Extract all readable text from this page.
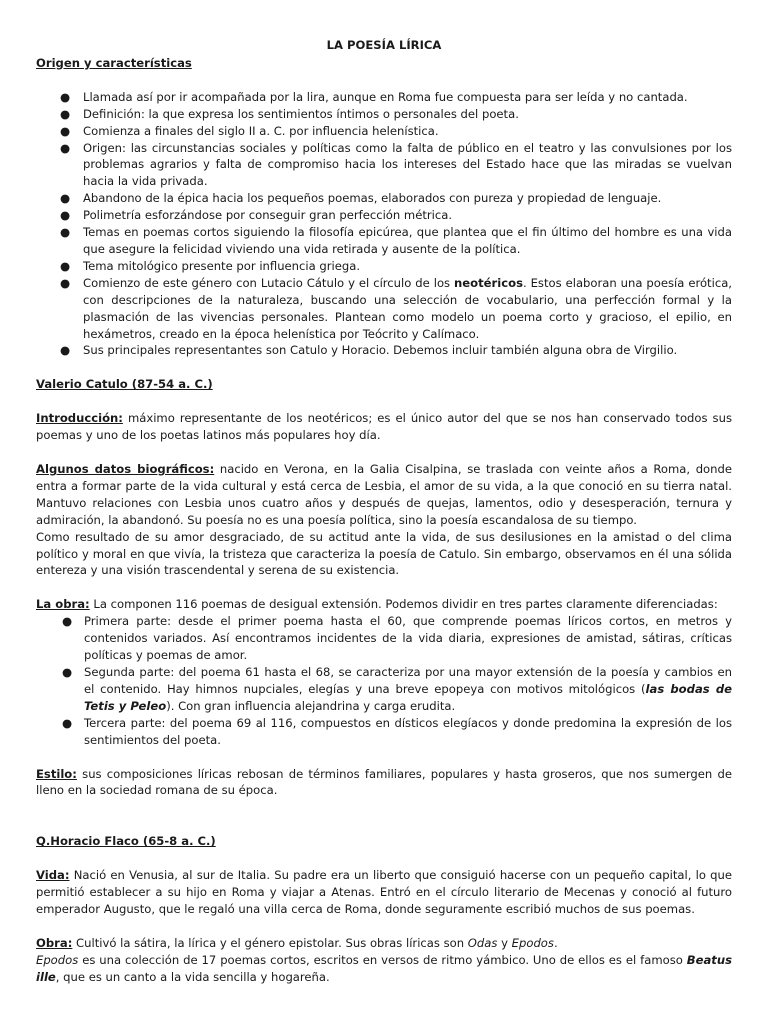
LA POESÍA LÍRICA
Origen y características
● Llamada así por ir acompañada por la lira, aunque en Roma fue compuesta para ser leída y no cantada.
● Definición: la que expresa los sentimientos íntimos o personales del poeta.
● Comienza a finales del siglo II a. C. por influencia helenística.
● Origen: las circunstancias sociales y políticas como la falta de público en el teatro y las convulsiones por los problemas agrarios y falta de compromiso hacia los intereses del Estado hace que las miradas se vuelvan hacia la vida privada.
● Abandono de la épica hacia los pequeños poemas, elaborados con pureza y propiedad de lenguaje.
● Polimetría esforzándose por conseguir gran perfección métrica.
● Temas en poemas cortos siguiendo la filosofía epicúrea, que plantea que el fin último del hombre es una vida que asegure la felicidad viviendo una vida retirada y ausente de la política.
● Tema mitológico presente por influencia griega.
● Comienzo de este género con Lutacio Cátulo y el círculo de los neotéricos. Estos elaboran una poesía erótica, con descripciones de la naturaleza, buscando una selección de vocabulario, una perfección formal y la plasmación de las vivencias personales. Plantean como modelo un poema corto y gracioso, el epilio, en hexámetros, creado en la época helenística por Teócrito y Calímaco.
● Sus principales representantes son Catulo y Horacio. Debemos incluir también alguna obra de Virgilio.
Valerio Catulo (87-54 a. C.)

Introducción: máximo representante de los neotéricos; es el único autor del que se nos han conservado todos sus poemas y uno de los poetas latinos más populares hoy día.

Algunos datos biográficos: nacido en Verona, en la Galia Cisalpina, se traslada con veinte años a Roma, donde entra a formar parte de la vida cultural y está cerca de Lesbia, el amor de su vida, a la que conoció en su tierra natal. Mantuvo relaciones con Lesbia unos cuatro años y después de quejas, lamentos, odio y desesperación, ternura y admiración, la abandonó. Su poesía no es una poesía política, sino la poesía escandalosa de su tiempo.

Como resultado de su amor desgraciado, de su actitud ante la vida, de sus desilusiones en la amistad o del clima político y moral en que vivía, la tristeza que caracteriza la poesía de Catulo. Sin embargo, observamos en él una sólida entereza y una visión trascendental y serena de su existencia.

La obra: La componen 116 poemas de desigual extensión. Podemos dividir en tres partes claramente diferenciadas:

● Primera parte: desde el primer poema hasta el 60, que comprende poemas líricos cortos, en metros y contenidos variados. Así encontramos incidentes de la vida diaria, expresiones de amistad, sátiras, críticas políticas y poemas de amor.
● Segunda parte: del poema 61 hasta el 68, se caracteriza por una mayor extensión de la poesía y cambios en el contenido. Hay himnos nupciales, elegías y una breve epopeya con motivos mitológicos (las bodas de Tetis y Peleo). Con gran influencia alejandrina y carga erudita.
● Tercera parte: del poema 69 al 116, compuestos en dísticos elegíacos y donde predomina la expresión de los sentimientos del poeta.

Estilo: sus composiciones líricas rebosan de términos familiares, populares y hasta groseros, que nos sumergen de lleno en la sociedad romana de su época.

Q.Horacio Flaco (65-8 a. C.)

Vida: Nació en Venusia, al sur de Italia. Su padre era un liberto que consiguió hacerse con un pequeño capital, lo que permitió establecer a su hijo en Roma y viajar a Atenas. Entró en el círculo literario de Mecenas y conoció al futuro emperador Augusto, que le regaló una villa cerca de Roma, donde seguramente escribió muchos de sus poemas.

Obra: Cultivó la sátira, la lírica y el género epistolar. Sus obras líricas son Odas y Epodos.

Epodos es una colección de 17 poemas cortos, escritos en versos de ritmo yámbico. Uno de ellos es el famoso Beatus ille, que es un canto a la vida sencilla y hogareña.
